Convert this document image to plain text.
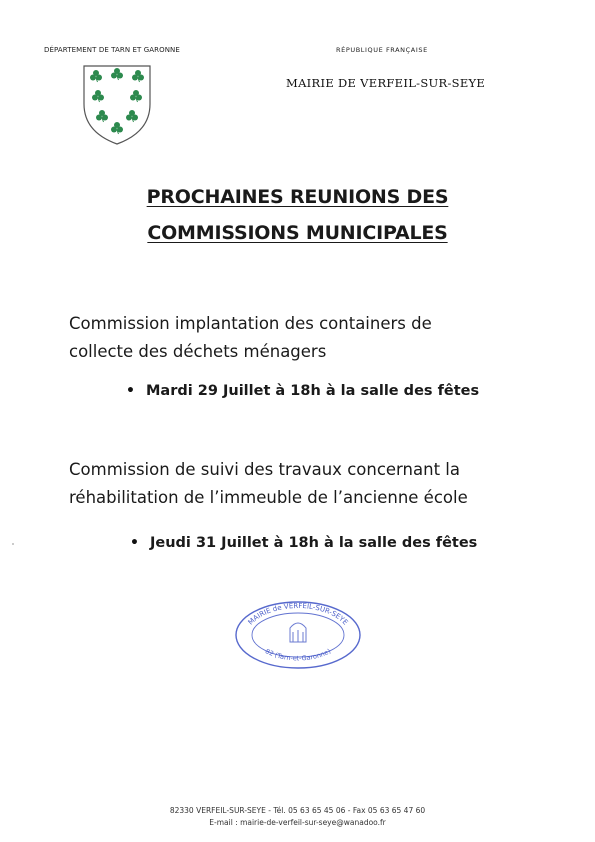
DÉPARTEMENT DE TARN ET GARONNE	RÉPUBLIQUE FRANÇAISE
MAIRIE DE VERFEIL-SUR-SEYE
PROCHAINES REUNIONS DES
COMMISSIONS MUNICIPALES
Commission implantation des containers de
collecte des déchets ménagers
• Mardi 29 Juillet à 18h à la salle des fêtes
Commission de suivi des travaux concernant la
réhabilitation de l’immeuble de l’ancienne école
• Jeudi 31 Juillet à 18h à la salle des fêtes
MAIRIE de VERFEIL-SUR-SEYE
82 (Tarn-et-Garonne)
82330 VERFEIL-SUR-SEYE - Tél. 05 63 65 45 06 - Fax 05 63 65 47 60
E-mail : mairie-de-verfeil-sur-seye@wanadoo.fr
